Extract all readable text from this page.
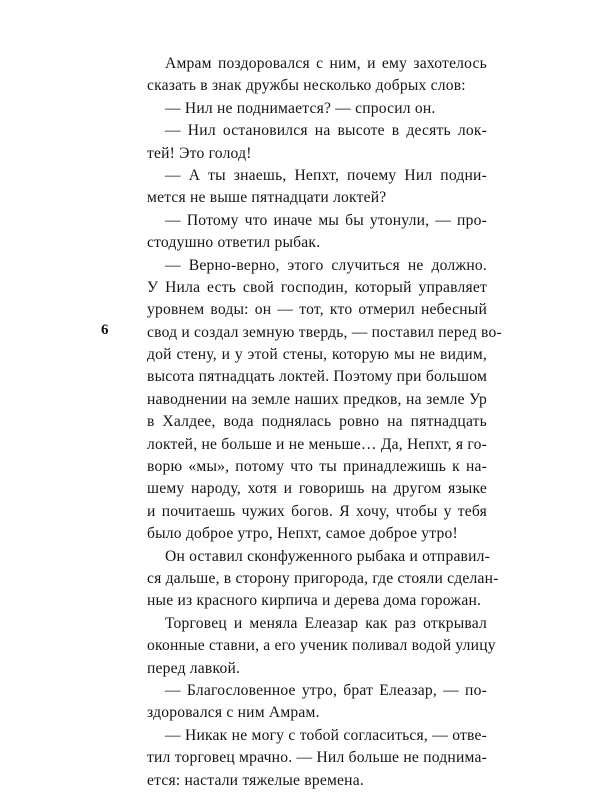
6
Амрам поздоровался с ним, и ему захотелось
сказать в знак дружбы несколько добрых слов:
— Нил не поднимается? — спросил он.
— Нил остановился на высоте в десять лок-
тей! Это голод!
— А ты знаешь, Непхт, почему Нил подни-
мется не выше пятнадцати локтей?
— Потому что иначе мы бы утонули, — про-
стодушно ответил рыбак.
— Верно-верно, этого случиться не должно.
У Нила есть свой господин, который управляет
уровнем воды: он — тот, кто отмерил небесный
свод и создал земную твердь, — поставил перед во-
дой стену, и у этой стены, которую мы не видим,
высота пятнадцать локтей. Поэтому при большом
наводнении на земле наших предков, на земле Ур
в Халдее, вода поднялась ровно на пятнадцать
локтей, не больше и не меньше… Да, Непхт, я го-
ворю «мы», потому что ты принадлежишь к на-
шему народу, хотя и говоришь на другом языке
и почитаешь чужих богов. Я хочу, чтобы у тебя
было доброе утро, Непхт, самое доброе утро!
Он оставил сконфуженного рыбака и отправил-
ся дальше, в сторону пригорода, где стояли сделан-
ные из красного кирпича и дерева дома горожан.
Торговец и меняла Елеазар как раз открывал
оконные ставни, а его ученик поливал водой улицу
перед лавкой.
— Благословенное утро, брат Елеазар, — по-
здоровался с ним Амрам.
— Никак не могу с тобой согласиться, — отве-
тил торговец мрачно. — Нил больше не поднима-
ется: настали тяжелые времена.
